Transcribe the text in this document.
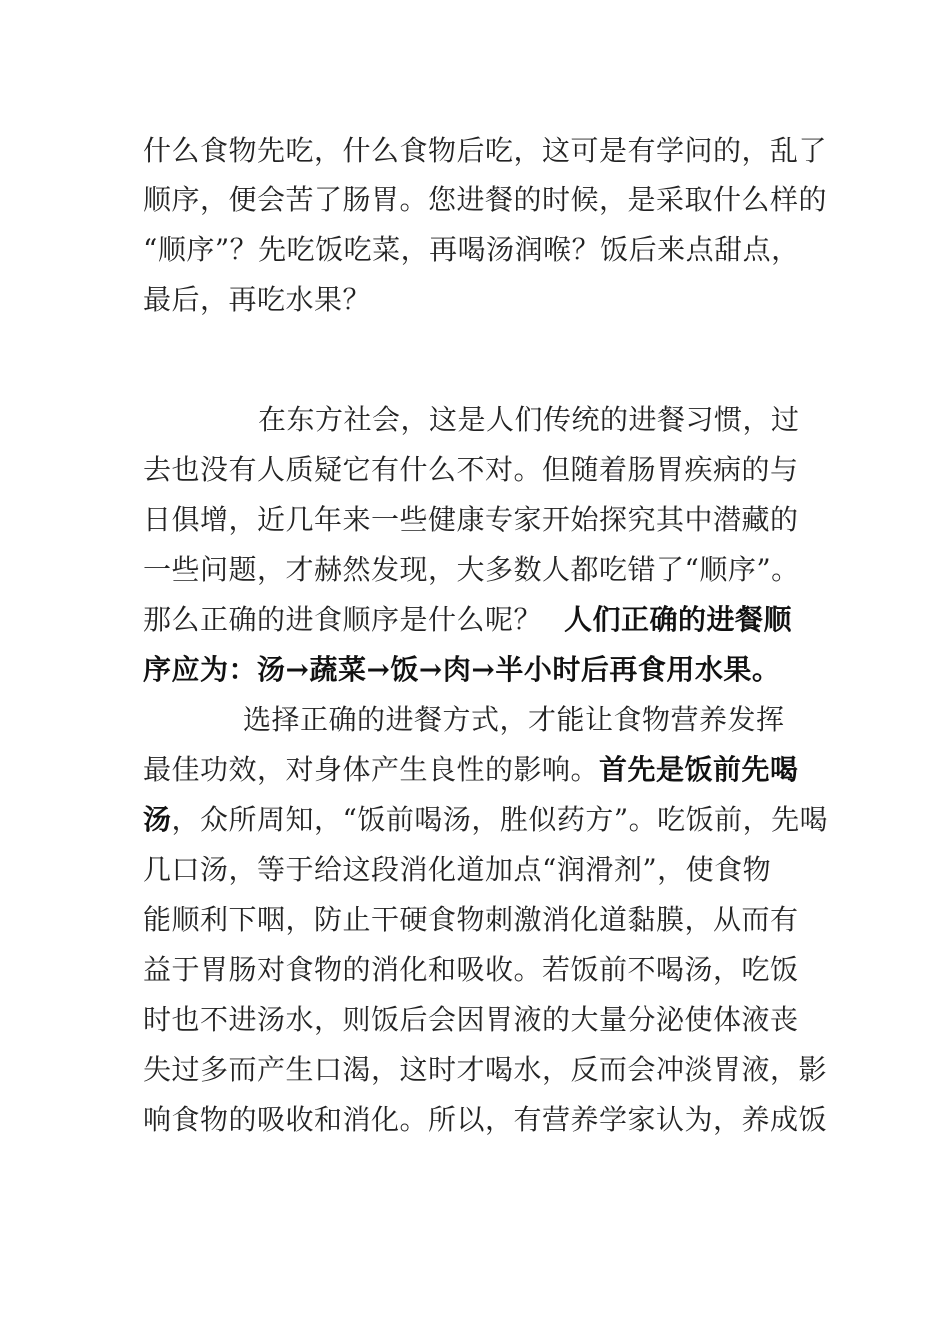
什么食物先吃，什么食物后吃，这可是有学问的，乱了
顺序，便会苦了肠胃。您进餐的时候，是采取什么样的
“顺序”？先吃饭吃菜，再喝汤润喉？饭后来点甜点，
最后，再吃水果？
在东方社会，这是人们传统的进餐习惯，过
去也没有人质疑它有什么不对。但随着肠胃疾病的与
日俱增，近几年来一些健康专家开始探究其中潜藏的
一些问题，才赫然发现，大多数人都吃错了“顺序”。
那么正确的进食顺序是什么呢？ 人们正确的进餐顺
序应为：汤→蔬菜→饭→肉→半小时后再食用水果。
选择正确的进餐方式，才能让食物营养发挥
最佳功效，对身体产生良性的影响。首先是饭前先喝
汤，众所周知，“饭前喝汤，胜似药方”。吃饭前，先喝
几口汤，等于给这段消化道加点“润滑剂”，使食物
能顺利下咽，防止干硬食物刺激消化道黏膜，从而有
益于胃肠对食物的消化和吸收。若饭前不喝汤，吃饭
时也不进汤水，则饭后会因胃液的大量分泌使体液丧
失过多而产生口渴，这时才喝水，反而会冲淡胃液，影
响食物的吸收和消化。所以，有营养学家认为，养成饭
